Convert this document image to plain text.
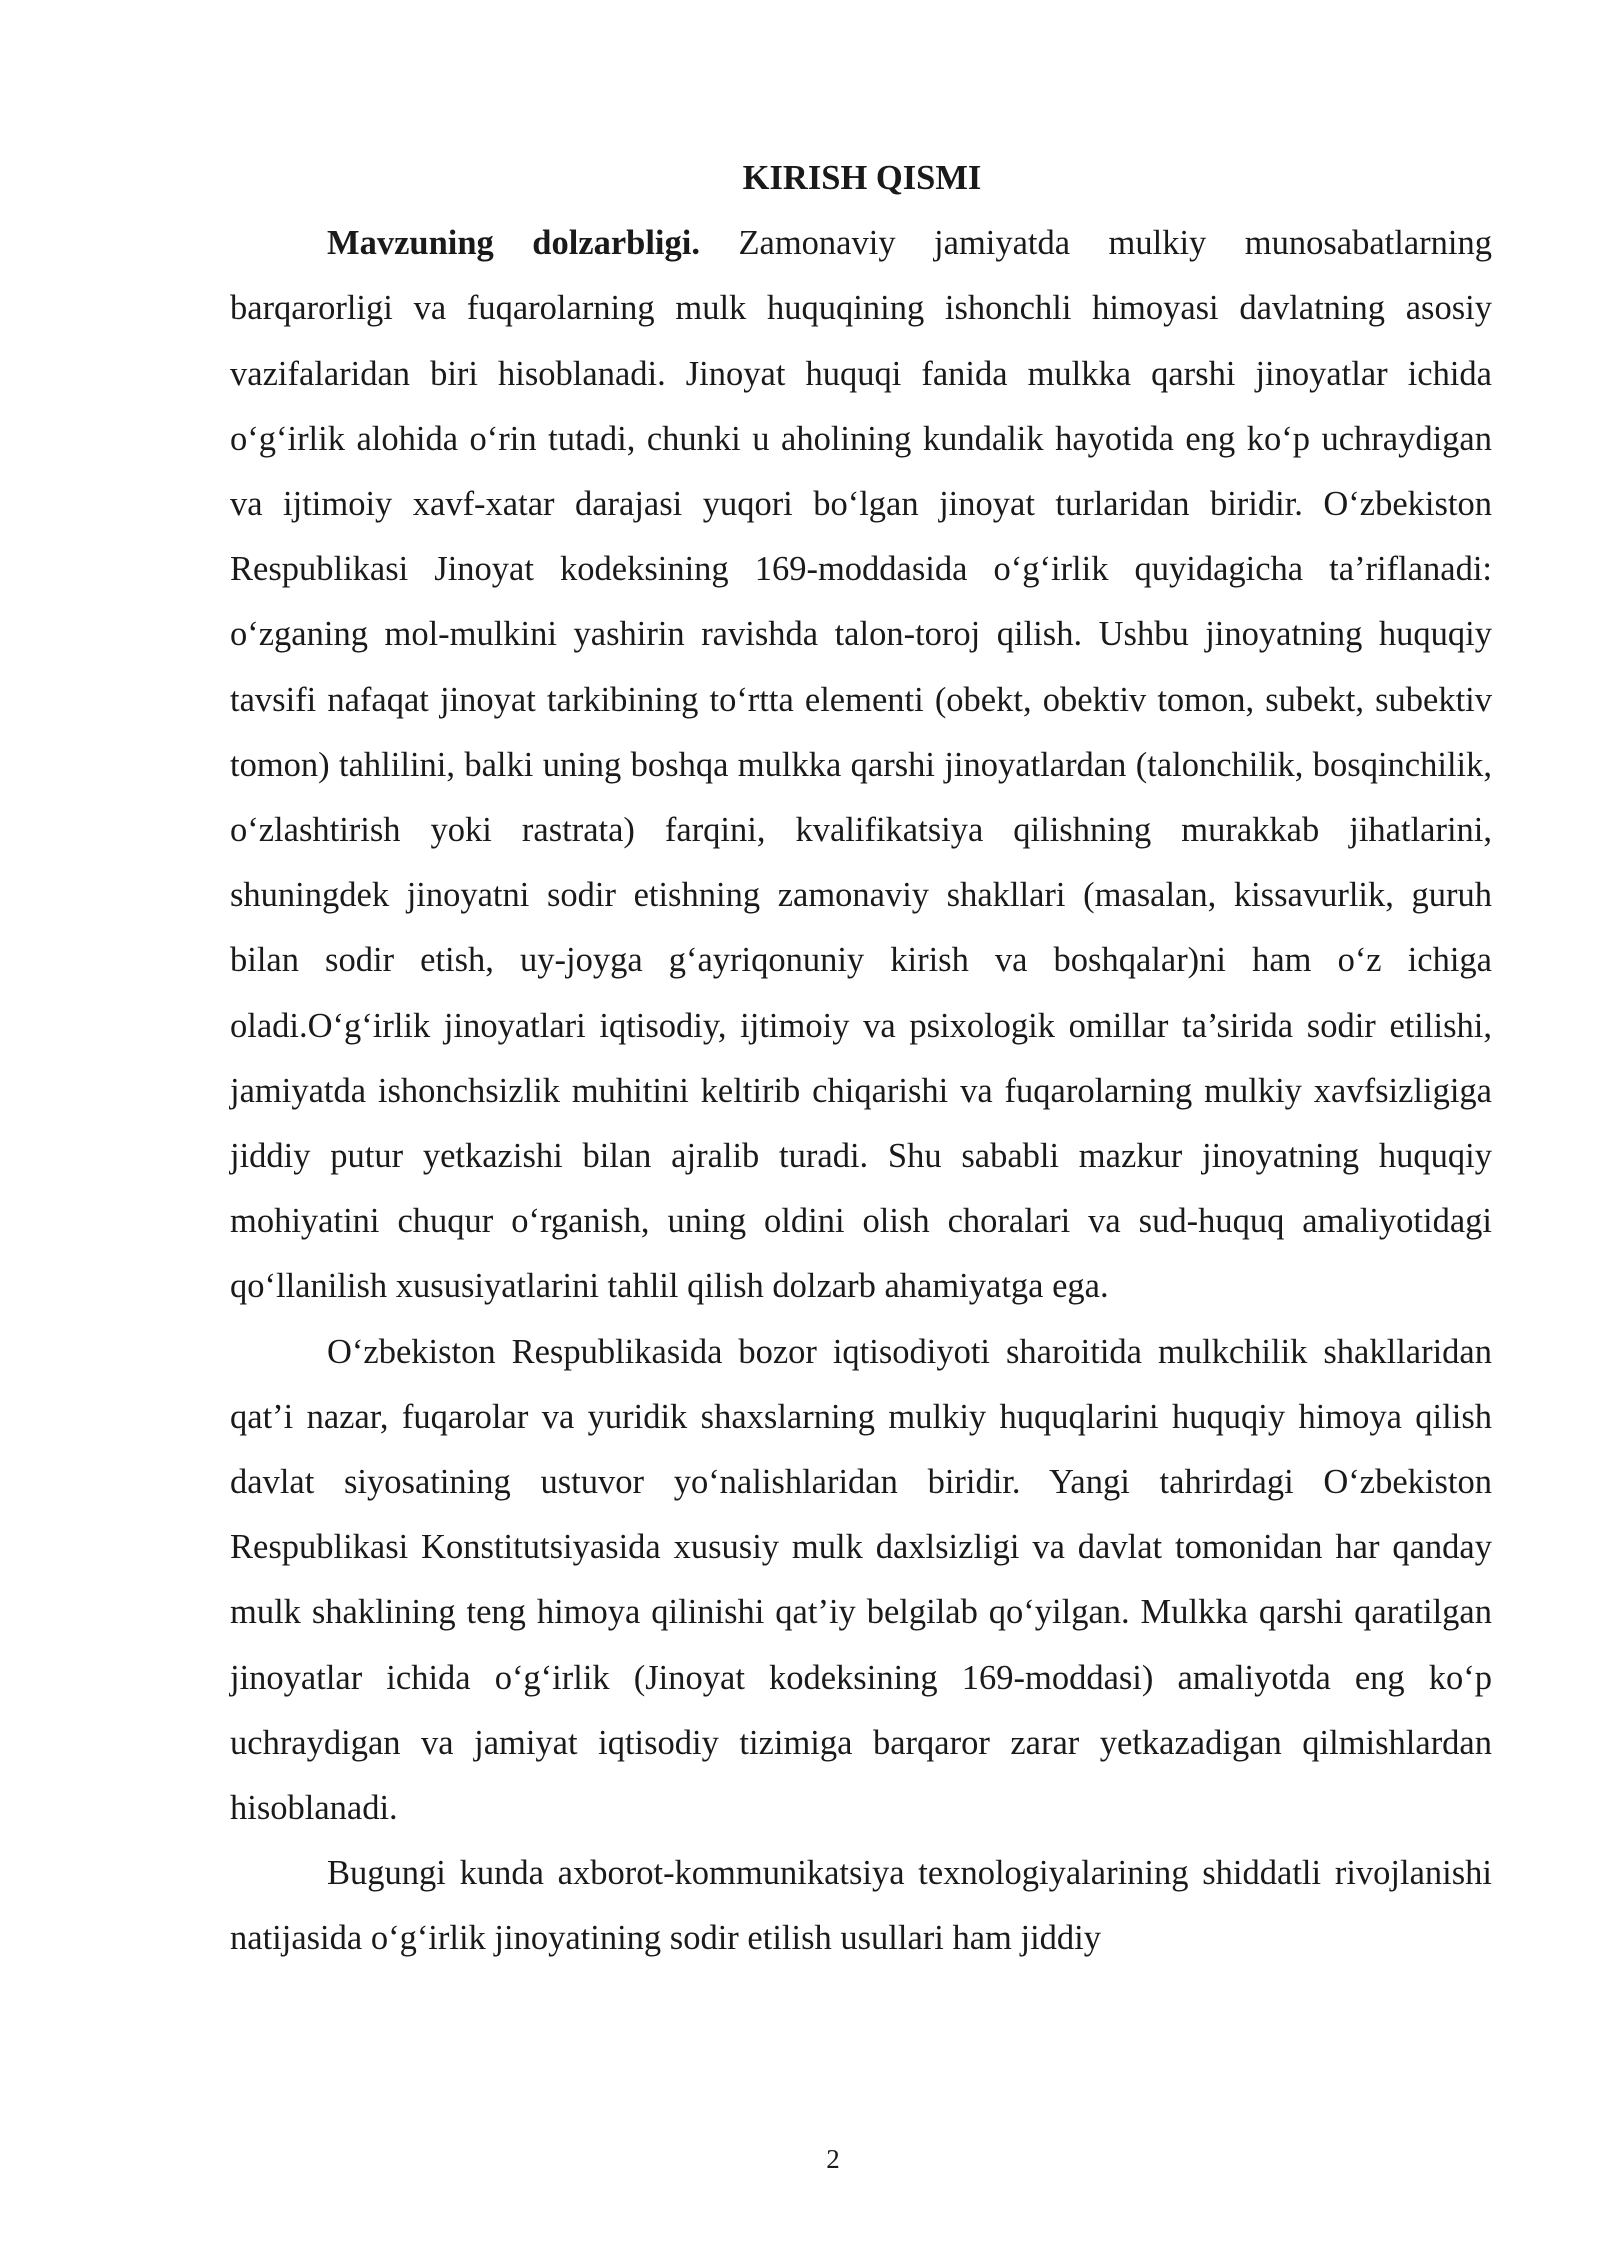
KIRISH QISMI

Mavzuning dolzarbligi. Zamonaviy jamiyatda mulkiy munosabatlarning barqarorligi va fuqarolarning mulk huquqining ishonchli himoyasi davlatning asosiy vazifalaridan biri hisoblanadi. Jinoyat huquqi fanida mulkka qarshi jinoyatlar ichida o‘g‘irlik alohida o‘rin tutadi, chunki u aholining kundalik hayotida eng ko‘p uchraydigan va ijtimoiy xavf-xatar darajasi yuqori bo‘lgan jinoyat turlaridan biridir. O‘zbekiston Respublikasi Jinoyat kodeksining 169-moddasida o‘g‘irlik quyidagicha ta’riflanadi: o‘zganing mol-mulkini yashirin ravishda talon-toroj qilish. Ushbu jinoyatning huquqiy tavsifi nafaqat jinoyat tarkibining to‘rtta elementi (obekt, obektiv tomon, subekt, subektiv tomon) tahlilini, balki uning boshqa mulkka qarshi jinoyatlardan (talonchilik, bosqinchilik, o‘zlashtirish yoki rastrata) farqini, kvalifikatsiya qilishning murakkab jihatlarini, shuningdek jinoyatni sodir etishning zamonaviy shakllari (masalan, kissavurlik, guruh bilan sodir etish, uy-joyga g‘ayriqonuniy kirish va boshqalar)ni ham o‘z ichiga oladi.O‘g‘irlik jinoyatlari iqtisodiy, ijtimoiy va psixologik omillar ta’sirida sodir etilishi, jamiyatda ishonchsizlik muhitini keltirib chiqarishi va fuqarolarning mulkiy xavfsizligiga jiddiy putur yetkazishi bilan ajralib turadi. Shu sababli mazkur jinoyatning huquqiy mohiyatini chuqur o‘rganish, uning oldini olish choralari va sud-huquq amaliyotidagi qo‘llanilish xususiyatlarini tahlil qilish dolzarb ahamiyatga ega.

O‘zbekiston Respublikasida bozor iqtisodiyoti sharoitida mulkchilik shakllaridan qat’i nazar, fuqarolar va yuridik shaxslarning mulkiy huquqlarini huquqiy himoya qilish davlat siyosatining ustuvor yo‘nalishlaridan biridir. Yangi tahrirdagi O‘zbekiston Respublikasi Konstitutsiyasida xususiy mulk daxlsizligi va davlat tomonidan har qanday mulk shaklining teng himoya qilinishi qat’iy belgilab qo‘yilgan. Mulkka qarshi qaratilgan jinoyatlar ichida o‘g‘irlik (Jinoyat kodeksining 169-moddasi) amaliyotda eng ko‘p uchraydigan va jamiyat iqtisodiy tizimiga barqaror zarar yetkazadigan qilmishlardan hisoblanadi.

Bugungi kunda axborot-kommunikatsiya texnologiyalarining shiddatli rivojlanishi natijasida o‘g‘irlik jinoyatining sodir etilish usullari ham jiddiy

2
